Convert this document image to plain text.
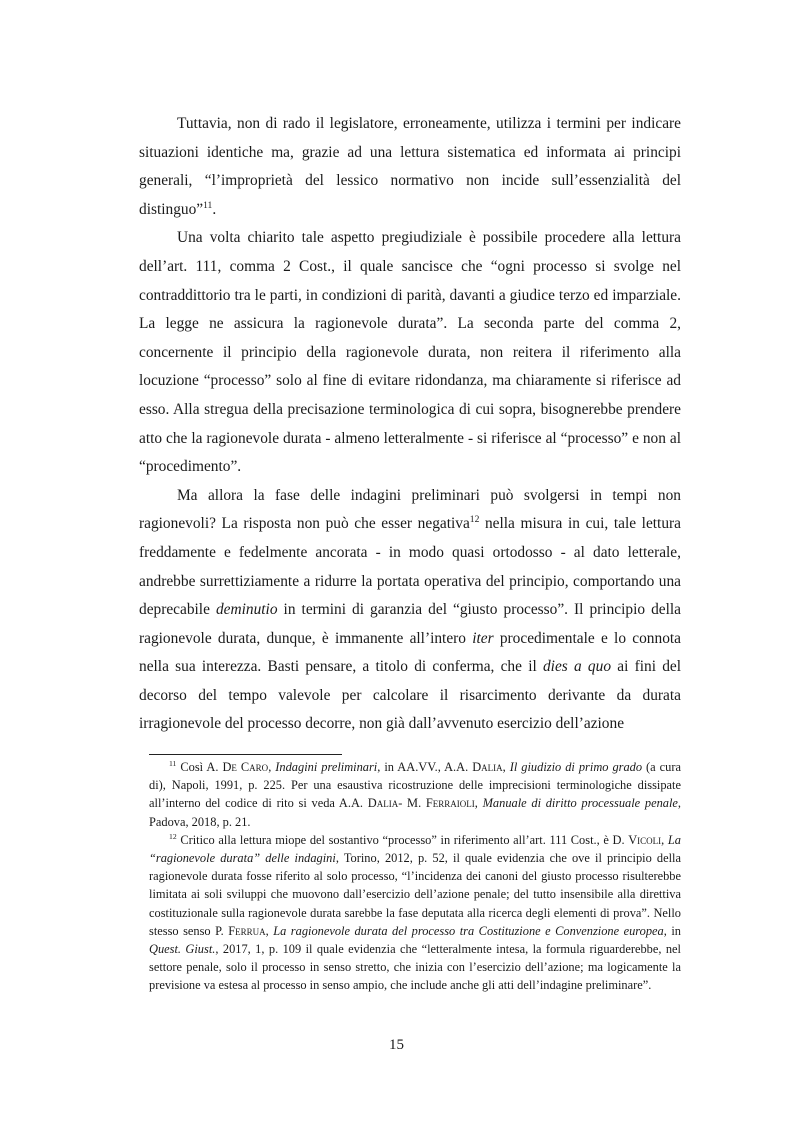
Tuttavia, non di rado il legislatore, erroneamente, utilizza i termini per indicare situazioni identiche ma, grazie ad una lettura sistematica ed informata ai principi generali, “l’improprietà del lessico normativo non incide sull’essenzialità del distinguo”$^{11}$.

Una volta chiarito tale aspetto pregiudiziale è possibile procedere alla lettura dell’art. 111, comma 2 Cost., il quale sancisce che “ogni processo si svolge nel contraddittorio tra le parti, in condizioni di parità, davanti a giudice terzo ed imparziale. La legge ne assicura la ragionevole durata”. La seconda parte del comma 2, concernente il principio della ragionevole durata, non reitera il riferimento alla locuzione “processo” solo al fine di evitare ridondanza, ma chiaramente si riferisce ad esso. Alla stregua della precisazione terminologica di cui sopra, bisognerebbe prendere atto che la ragionevole durata - almeno letteralmente - si riferisce al “processo” e non al “procedimento”.

Ma allora la fase delle indagini preliminari può svolgersi in tempi non ragionevoli? La risposta non può che esser negativa$^{12}$ nella misura in cui, tale lettura freddamente e fedelmente ancorata - in modo quasi ortodosso - al dato letterale, andrebbe surrettiziamente a ridurre la portata operativa del principio, comportando una deprecabile deminutio in termini di garanzia del “giusto processo”. Il principio della ragionevole durata, dunque, è immanente all’intero iter procedimentale e lo connota nella sua interezza. Basti pensare, a titolo di conferma, che il dies a quo ai fini del decorso del tempo valevole per calcolare il risarcimento derivante da durata irragionevole del processo decorre, non già dall’avvenuto esercizio dell’azione

$^{11}$ Così A. De Caro, Indagini preliminari, in AA.VV., A.A. Dalia, Il giudizio di primo grado (a cura di), Napoli, 1991, p. 225. Per una esaustiva ricostruzione delle imprecisioni terminologiche dissipate all’interno del codice di rito si veda A.A. Dalia- M. Ferraioli, Manuale di diritto processuale penale, Padova, 2018, p. 21.

$^{12}$ Critico alla lettura miope del sostantivo “processo” in riferimento all’art. 111 Cost., è D. Vicoli, La “ragionevole durata” delle indagini, Torino, 2012, p. 52, il quale evidenzia che ove il principio della ragionevole durata fosse riferito al solo processo, “l’incidenza dei canoni del giusto processo risulterebbe limitata ai soli sviluppi che muovono dall’esercizio dell’azione penale; del tutto insensibile alla direttiva costituzionale sulla ragionevole durata sarebbe la fase deputata alla ricerca degli elementi di prova”. Nello stesso senso P. Ferrua, La ragionevole durata del processo tra Costituzione e Convenzione europea, in Quest. Giust., 2017, 1, p. 109 il quale evidenzia che “letteralmente intesa, la formula riguarderebbe, nel settore penale, solo il processo in senso stretto, che inizia con l’esercizio dell’azione; ma logicamente la previsione va estesa al processo in senso ampio, che include anche gli atti dell’indagine preliminare”.

15
